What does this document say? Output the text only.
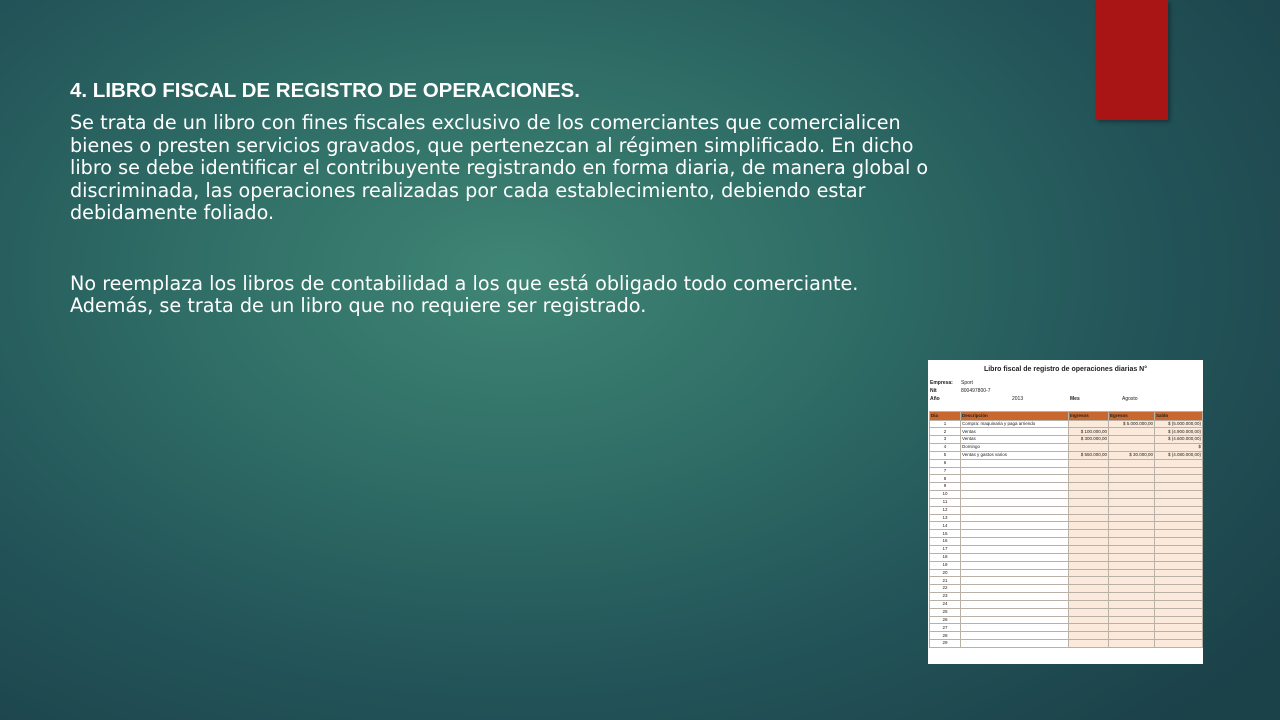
4. LIBRO FISCAL DE REGISTRO DE OPERACIONES.

Se trata de un libro con fines fiscales exclusivo de los comerciantes que comercialicen bienes o presten servicios gravados, que pertenezcan al régimen simplificado. En dicho libro se debe identificar el contribuyente registrando en forma diaria, de manera global o discriminada, las operaciones realizadas por cada establecimiento, debiendo estar debidamente foliado.

No reemplaza los libros de contabilidad a los que está obligado todo comerciante.

Además, se trata de un libro que no requiere ser registrado.

Libro fiscal de registro de operaciones diarias N°
Empresa: Sport
Nit	800497800-7
Año	2013	Mes	Agosto
Dia	Descripción	Ingresos	Egresos	Saldo
1	Compra: maquinaria y paga arriendo		$ 5.000.000,00	$ (5.000.000,00)
2	Ventas	$ 100.000,00		$ (4.900.000,00)
3	Ventas	$ 300.000,00		$ (4.600.000,00)
4	Domingo			$
5	Ventas y gastos varios	$ 550.000,00	$ 30.000,00	$ (4.080.000,00)
6				
7				
8				
9				
10				
11				
12				
13				
14				
15				
16				
17				
18				
19				
20				
21				
22				
23				
24				
25				
26				
27				
28				
29				
